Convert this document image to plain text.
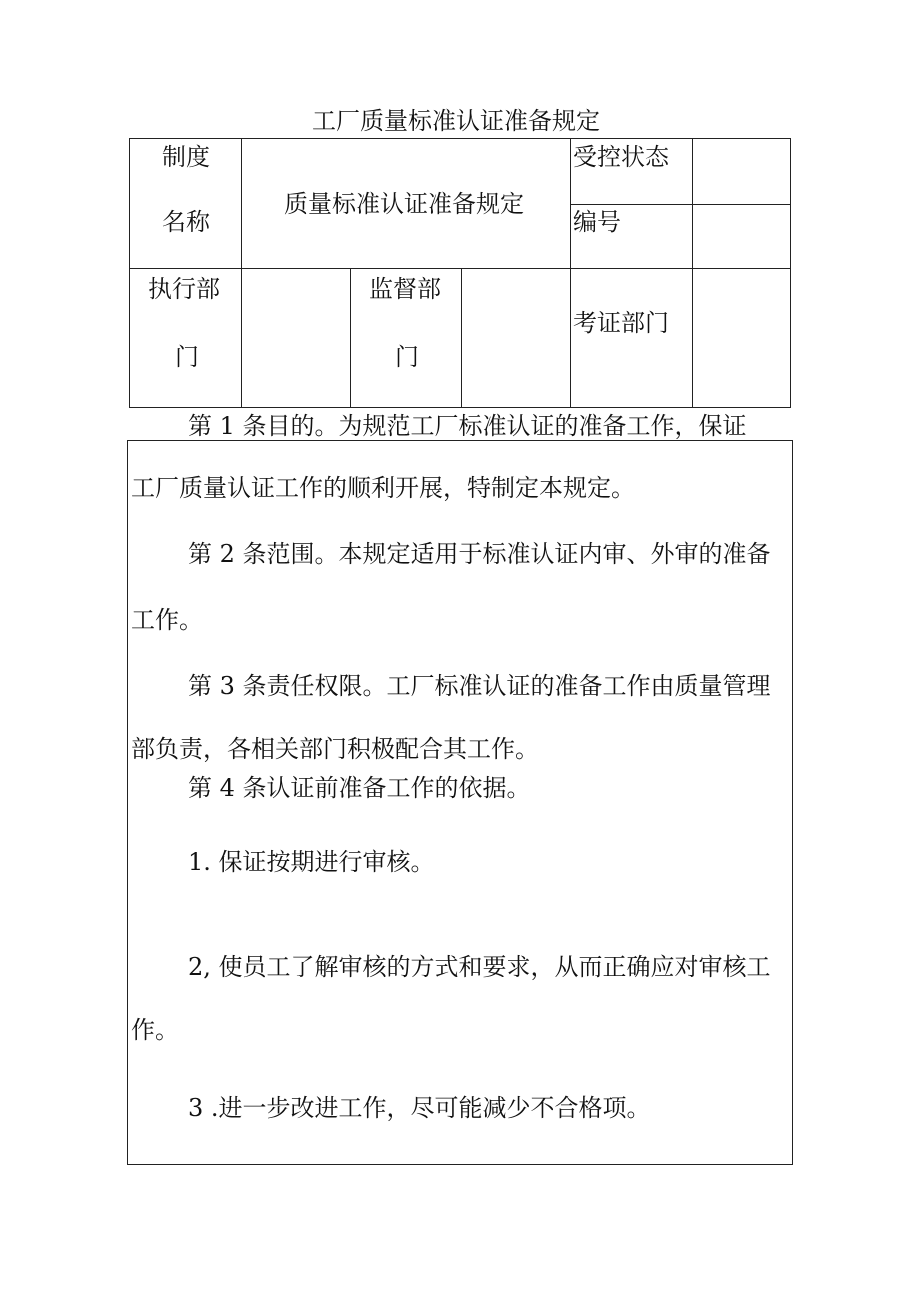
工厂质量标准认证准备规定
制度
名称
质量标准认证准备规定
受控状态
编号
执行部
门
监督部
门
考证部门
第 1 条目的。为规范工厂标准认证的准备工作，保证
工厂质量认证工作的顺利开展，特制定本规定。
第 2 条范围。本规定适用于标准认证内审、外审的准备
工作。
第 3 条责任权限。工厂标准认证的准备工作由质量管理
部负责，各相关部门积极配合其工作。
第 4 条认证前准备工作的依据。
1. 保证按期进行审核。
2, 使员工了解审核的方式和要求，从而正确应对审核工
作。
3 .进一步改进工作，尽可能减少不合格项。
